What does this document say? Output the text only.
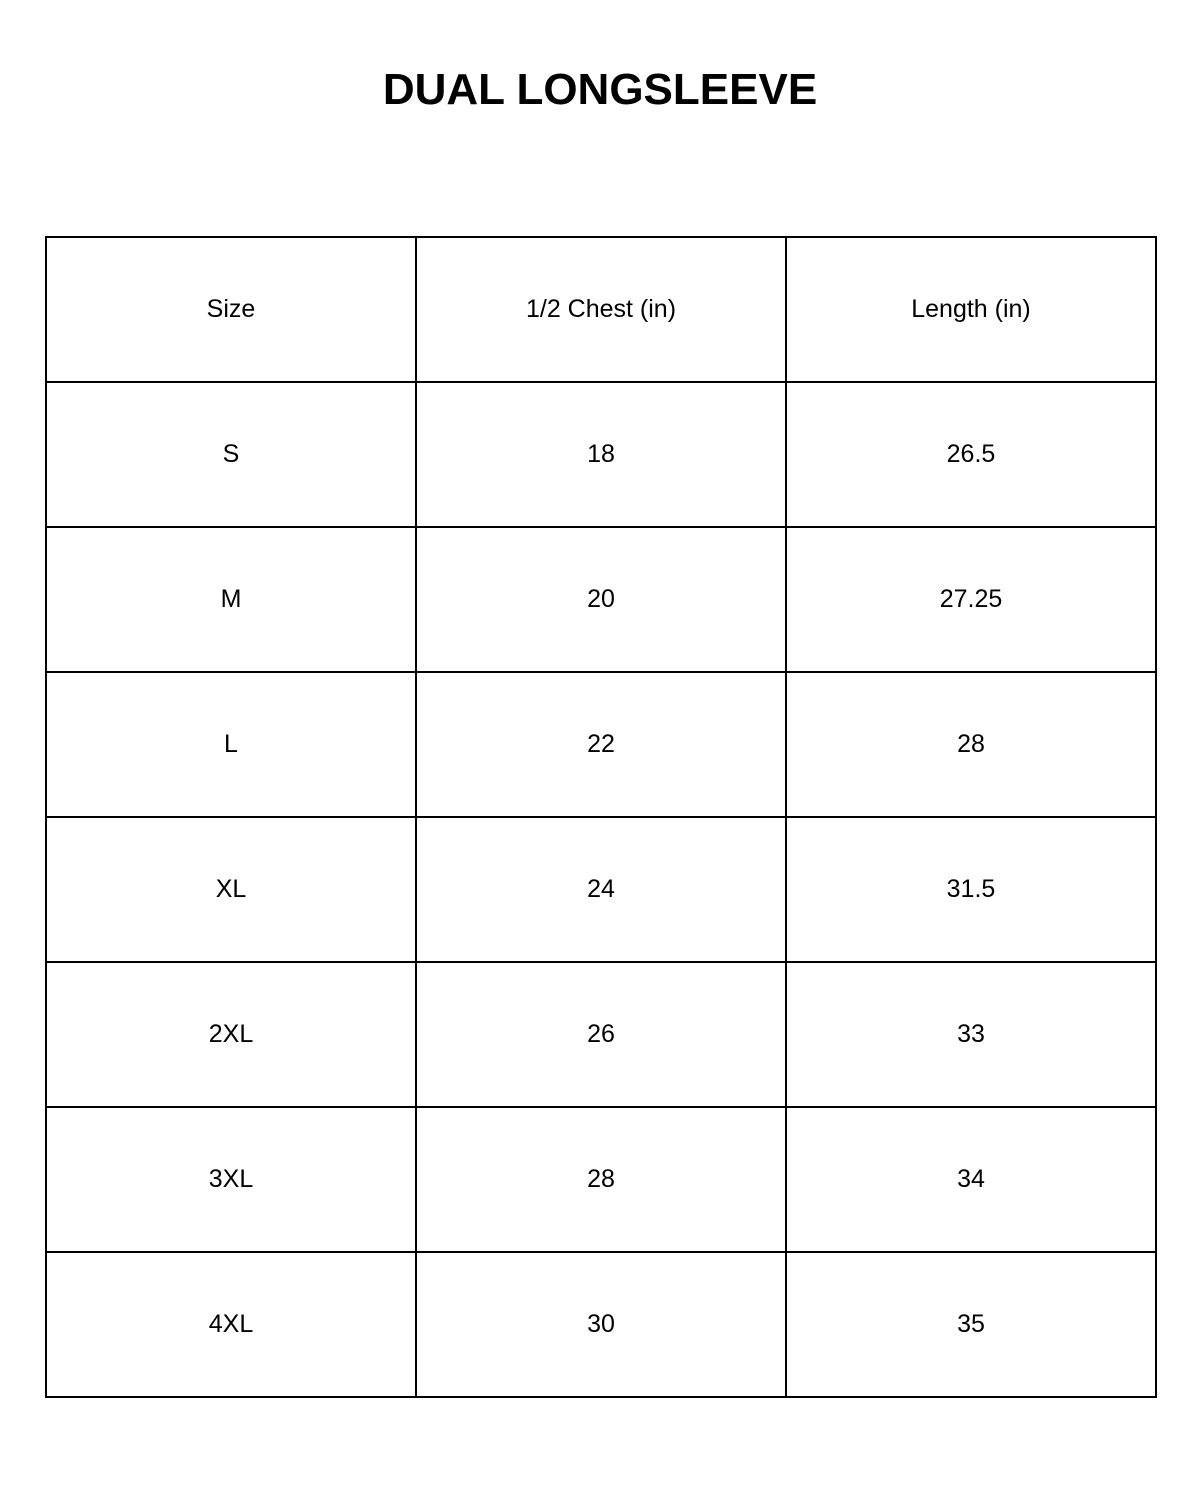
DUAL LONGSLEEVE
Size	1/2 Chest (in)	Length (in)
S	18	26.5
M	20	27.25
L	22	28
XL	24	31.5
2XL	26	33
3XL	28	34
4XL	30	35
